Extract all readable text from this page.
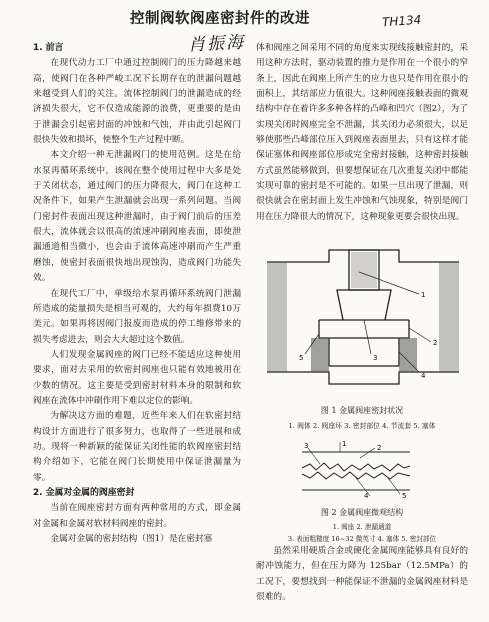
控制阀软阀座密封件的改进
肖振海
TH134

1. 前言

在现代动力工厂中通过控制阀门的压力降越来越高，使阀门在各种严峻工况下长期存在的泄漏问题越来越受到人们的关注。流体控制阀门的泄漏造成的经济损失很大，它不仅造成能源的浪费，更重要的是由于泄漏会引起密封面的冲蚀和气蚀，并由此引起阀门很快失效和损坏，使整个生产过程中断。

本文介绍一种无泄漏阀门的使用范例。这是在给水泵再循环系统中，该阀在整个使用过程中大多是处于关闭状态，通过阀门的压力降很大，阀门在这种工况条件下，如果产生泄漏就会出现一系列问题。当阀门密封件表面出现这种泄漏时，由于阀门前后的压差很大，流体就会以很高的流速冲刷阀座表面，即使泄漏通道相当微小，也会由于流体高速冲刷而产生严重磨蚀，使密封表面很快地出现蚀沟，造成阀门功能失效。

在现代工厂中，单级给水泵再循环系统阀门泄漏所造成的能量损失是相当可观的，大约每年损费10万美元。如果再将因阀门报废而造成的停工维修带来的损失考虑进去，则会大大超过这个数值。

人们发现金属阀座的阀门已经不能适应这种使用要求，面对去采用的软密封阀座也只能有效地被用在少数的情况。这主要是受到密封材料本身的限制和软阀座在流体中冲刷作用下难以定位的影响。

为解决这方面的难题，近些年来人们在软密封结构设计方面进行了很多努力，也取得了一些进展和成功。现将一种新颖的能保证关闭性能的软阀座密封结构介绍如下，它能在阀门长期使用中保证泄漏量为零。

2. 金属对金属的阀座密封

当前在阀座密封方面有两种常用的方式，即金属对金属和金属对软材料阀座的密封。

金属对金属的密封结构（图1）是在密封塞

体和阀座之间采用不同的角度来实现线接触密封的，采用这种方法时，驱动装置的推力是作用在一个很小的窄条上，因此在阀座上所产生的应力也只是作用在很小的面积上，其结部应力值很大。这种阀座接触表面的微观结构中存在着许多多种各样的凸峰和凹穴（图2），为了实现关闭时阀座完全不泄漏，其关闭力必须很大，以足够使那些凸峰部位压入到阀座表面里去，只有这样才能保证塞体和阀座部位形成完全密封接触，这种密封接触方式虽然能够做到，但要想保证在几次重复关闭中都能实现可靠的密封是不可能的。如果一旦出现了泄漏，则很快就会在密封面上发生冲蚀和气蚀现象，特别是阀门用在压力降很大的情况下，这种现象更要会很快出现。

1
2
3
4
5
图 1 金属阀座密封状况
1. 阀体 2. 阀座环 3. 密封部位 4. 节流套 5. 塞体
1	2
3
4	5
图 2 金属阀座微观结构
1. 阀座 2. 泄漏通道
3. 表面粗糙度 16~32 微英寸 4. 塞体 5. 密封部位

虽然采用硬质合金或硬化金属阀座能够具有良好的耐冲蚀能力，但在压力降为 125bar（12.5MPa）的工况下，要想找到一种能保证不泄漏的金属阀座材料是很难的。
